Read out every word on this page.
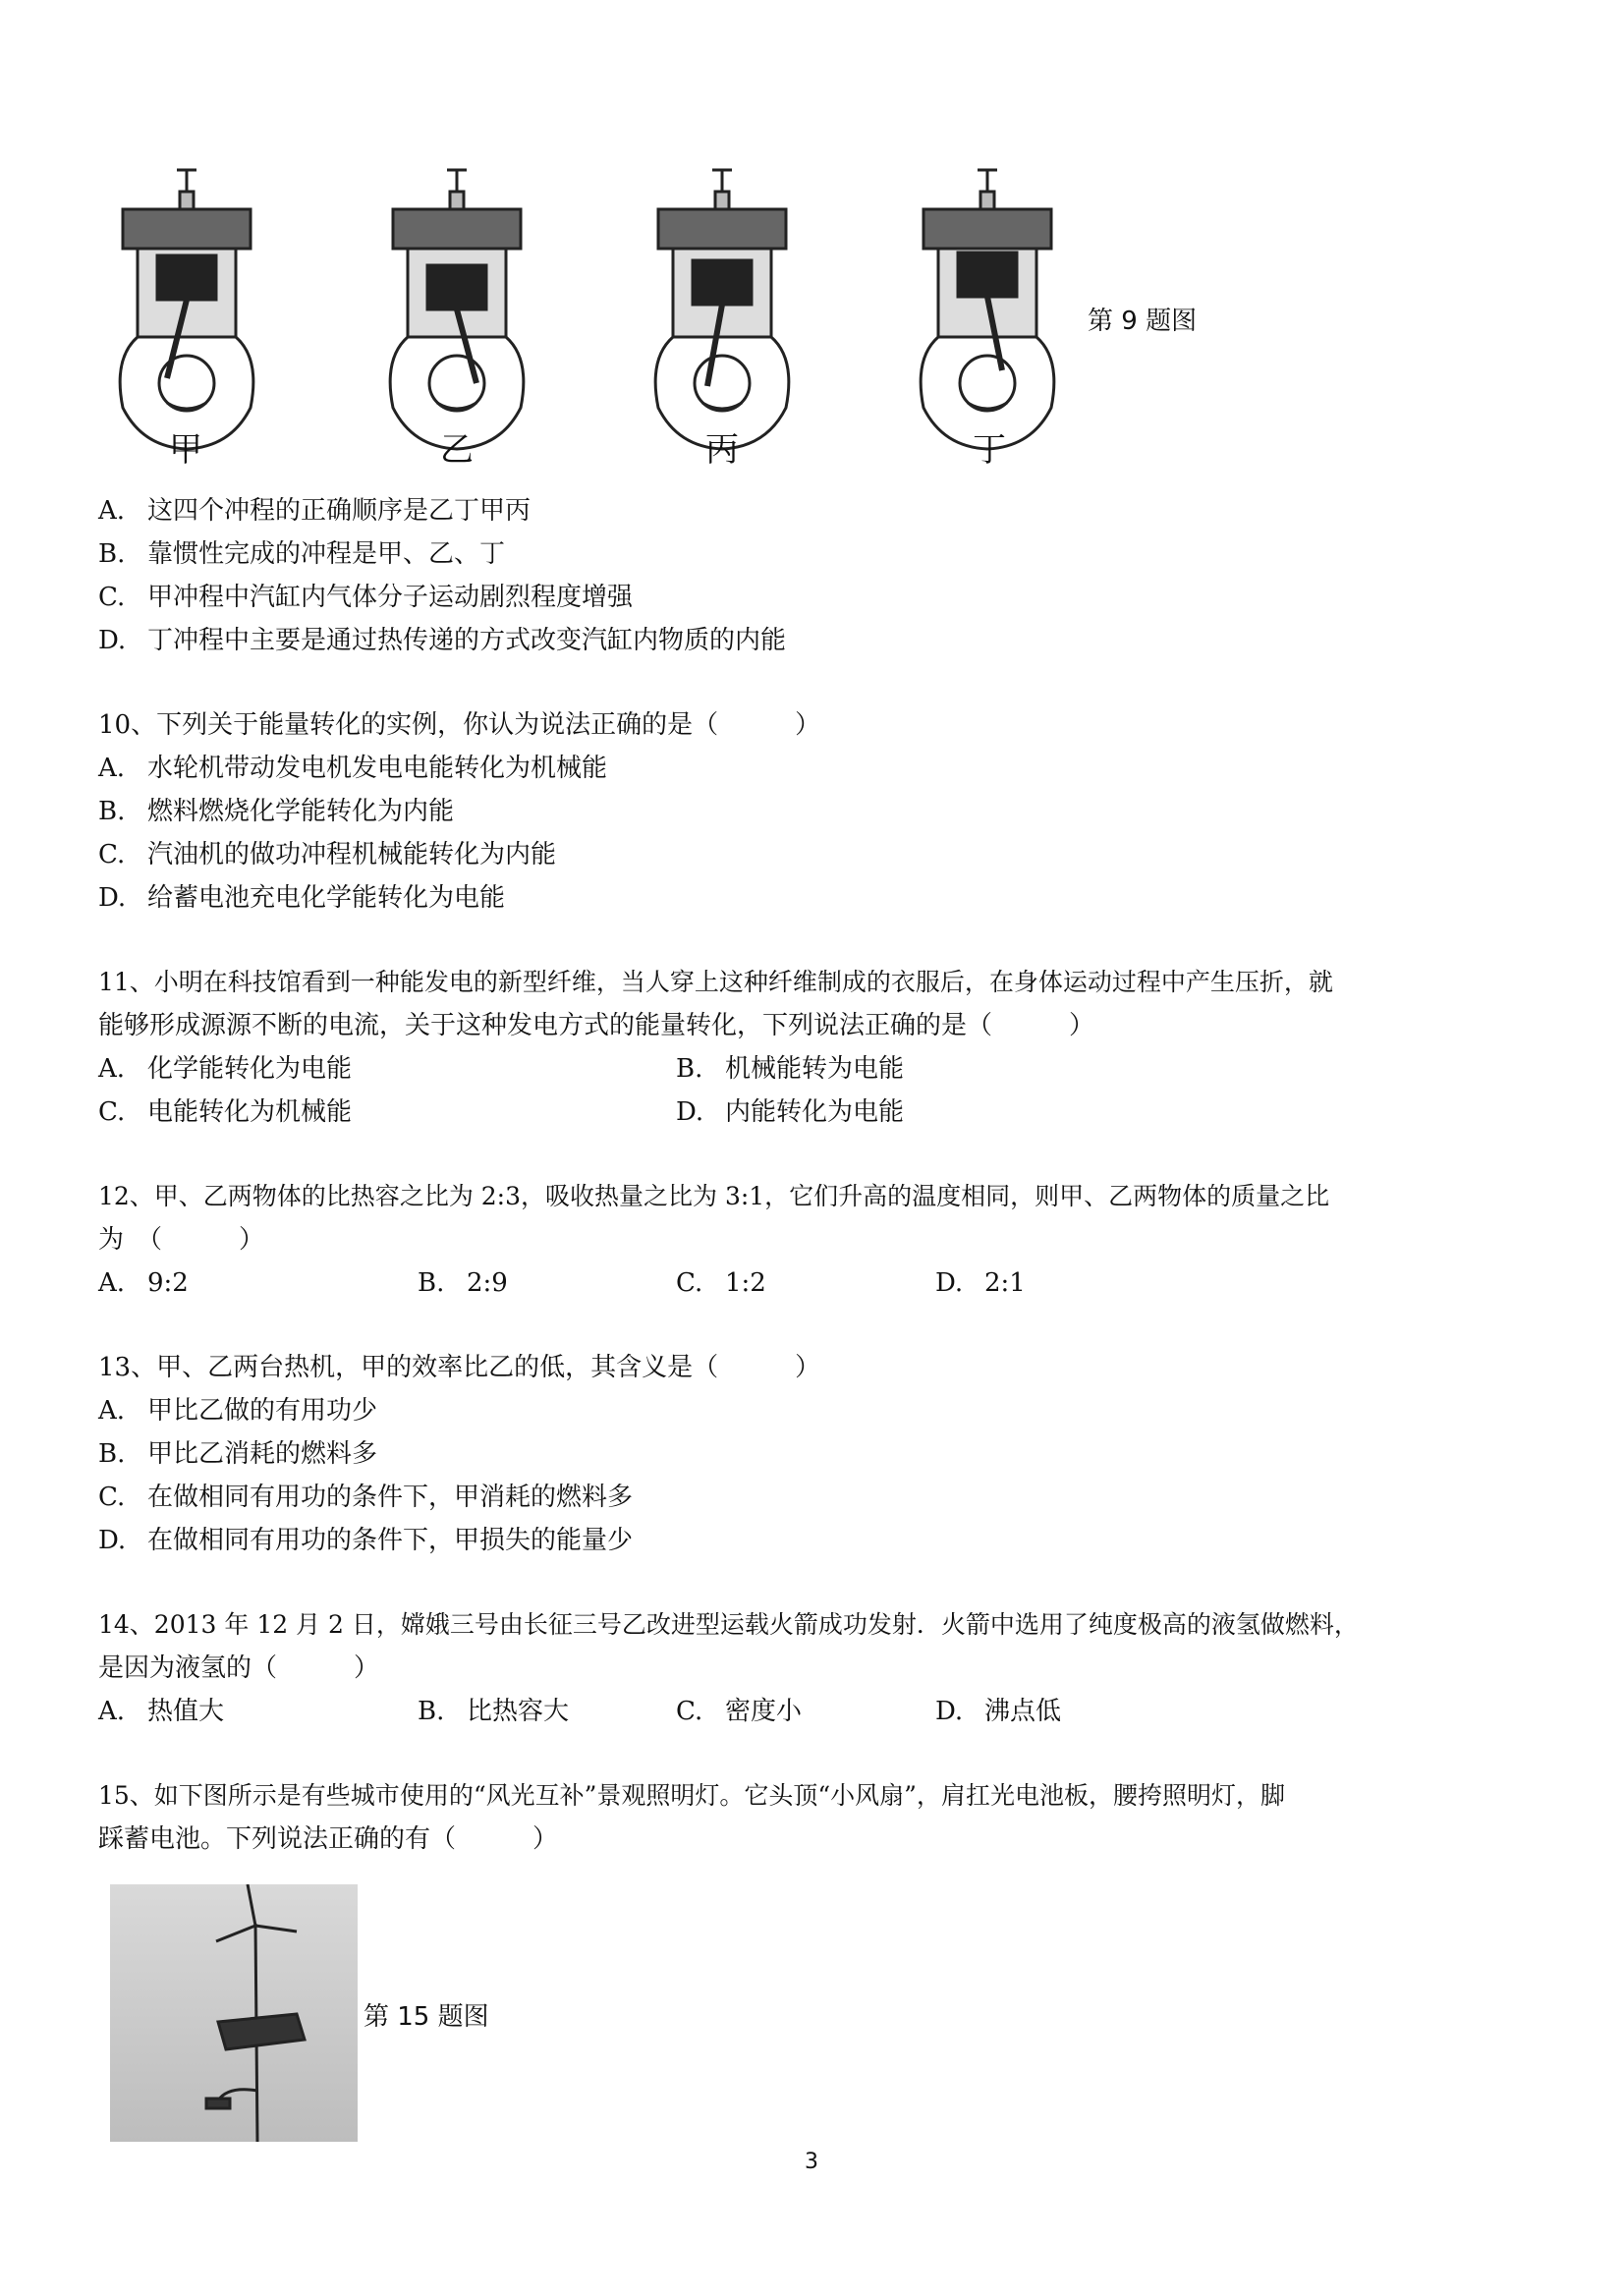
甲	乙	丙	丁
第 9 题图
A. 这四个冲程的正确顺序是乙丁甲丙
B. 靠惯性完成的冲程是甲、乙、丁
C. 甲冲程中汽缸内气体分子运动剧烈程度增强
D. 丁冲程中主要是通过热传递的方式改变汽缸内物质的内能
10、下列关于能量转化的实例，你认为说法正确的是（　　　）
A. 水轮机带动发电机发电电能转化为机械能
B. 燃料燃烧化学能转化为内能
C. 汽油机的做功冲程机械能转化为内能
D. 给蓄电池充电化学能转化为电能
11、小明在科技馆看到一种能发电的新型纤维，当人穿上这种纤维制成的衣服后，在身体运动过程中产生压折，就
能够形成源源不断的电流，关于这种发电方式的能量转化，下列说法正确的是（　　　）
A. 化学能转化为电能	B. 机械能转为电能
C. 电能转化为机械能	D. 内能转化为电能
12、甲、乙两物体的比热容之比为 2:3，吸收热量之比为 3:1，它们升高的温度相同，则甲、乙两物体的质量之比
为　（　　　）
A. 9:2	B. 2:9	C. 1:2	D. 2:1
13、甲、乙两台热机，甲的效率比乙的低，其含义是（　　　）
A. 甲比乙做的有用功少
B. 甲比乙消耗的燃料多
C. 在做相同有用功的条件下，甲消耗的燃料多
D. 在做相同有用功的条件下，甲损失的能量少
14、2013 年 12 月 2 日，嫦娥三号由长征三号乙改进型运载火箭成功发射．火箭中选用了纯度极高的液氢做燃料，
是因为液氢的（　　　）
A. 热值大	B. 比热容大	C. 密度小	D. 沸点低
15、如下图所示是有些城市使用的“风光互补”景观照明灯。它头顶“小风扇”，肩扛光电池板，腰挎照明灯，脚
踩蓄电池。下列说法正确的有（　　　）
第 15 题图
3
